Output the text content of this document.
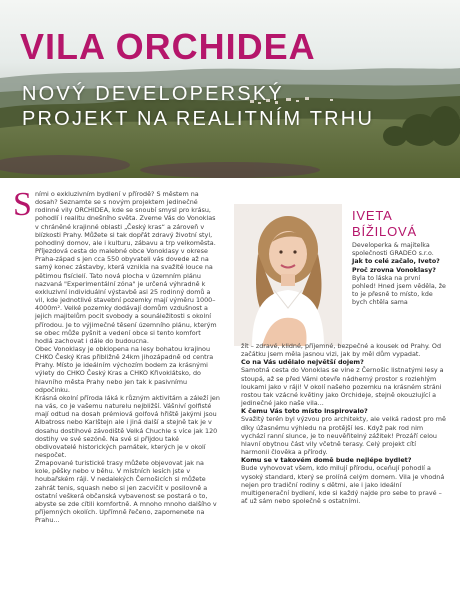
VILA ORCHIDEA
NOVÝ DEVELOPERSKÝ
PROJEKT NA REALITNÍM TRHU
S ními o exkluzivním bydlení v přírodě? S městem na dosah? Seznamte se s novým projektem jedinečné rodinné vily ORCHIDEA, kde se snoubí smysl pro krásu, pohodlí i realitu dnešního světa. Zveme Vás do Vonoklas v chráněné krajinné oblasti „Český kras“ a zároveň v blízkosti Prahy. Můžete si tak dopřát zdravý životní styl, pohodlný domov, ale i kulturu, zábavu a trp velkoměsta.

Příjezdová cesta do malebné obce Vonoklasy v okrese Praha-západ s jen cca 550 obyvateli vás dovede až na samý konec zástavby, která vznikla na svažité louce na pětimou fisíclelí. Tato nová plocha v územním plánu nazvaná "Experimentální zóna" je určená výhradně k exkluzivní individuální výstavbě asi 25 rodinný domů a vil, kde jednotlivé stavební pozemky mají výměru 1000–4000m². Velké pozemky dodávají domům vzdušnost a jejich majitelům pocit svobody a sounáležitosti s okolní přírodou. Je to výjimečné těsení územního plánu, kterým se obec může pyšnit a vedení obce si tento komfort hodlá zachovat i dále do budoucna.

Obec Vonoklasy je obklopena na lesy bohatou krajinou CHKO Český Kras přibližně 24km jihozápadně od centra Prahy. Místo je ideálním výchozím bodem za krásnými výlety do CHKO Český Kras a CHKO Křivoklátsko, do hlavního města Prahy nebo jen tak k pasivnímu odpočinku.

Krásná okolní příroda láká k různým aktivitám a záleží jen na vás, co je vašemu naturelu nejbližší. Vášniví golfisté mají odtud na dosah prémiová golfová hřiště jakými jsou Albatross nebo Karlštejn ale i jiná další a stejně tak je v dosahu dostihové závodiště Velká Chuchle s více jak 120 dostihy ve své sezóně. Na své si přijdou také obdivovatelé historických památek, kterých je v okolí nespočet.

Zmapované turistické trasy můžete objevovat jak na kole, pěšky nebo v běhu. V místních lesích jste v houbařském ráji. V nedalekých Černošicích si můžete zahrát tenis, squash nebo si jen zacvičit v posilovně a ostatní veškerá občanská vybavenost se postará o to, abyste se zde cítili komfortně. A mnoho mnoho dalšího v příjemných okolích. Upřímně řečeno, zapomenete na Prahu...

IVETA
BÍŽILOVÁ
Developerka & majitelka společnosti GRADEO s.r.o.
Jak to celé začalo, Iveto? Proč zrovna Vonoklasy?
Byla to láska na první pohled! Hned jsem věděla, že to je přesně to místo, kde bych chtěla sama

žít – zdravé, klidné, příjemné, bezpečné a kousek od Prahy. Od začátku jsem měla jasnou vizi, jak by měl dům vypadat.

Co na Vás udělalo největší dojem?

Samotná cesta do Vonoklas se vine z Černošic listnatými lesy a stoupá, až se před Vámi otevře nádherný prostor s rozlehlým loukami jako v ráji! V okolí našeho pozemku na krásném stráni rostou tak vzácné květiny jako Orchideje, stejně okouzlující a jedinečné jako naše vila...

K čemu Vás toto místo inspirovalo?

Svažitý terén byl výzvou pro architekty, ale velká radost pro mě díky úžasnému výhledu na protější les. Když pak rod nim vychází ranní slunce, je to neuvěřitelný zážitek! Prozáří celou hlavní obytnou část vily včetně terasy. Celý projekt cítí harmonii člověka a přírody.

Komu se v takovém domě bude nejlépe bydlet?

Bude vyhovovat všem, kdo milují přírodu, oceňují pohodlí a vysoký standard, který se prolíná celým domem. Vila je vhodná nejen pro tradiční rodiny s dětmi, ale i jako ideální multigenerační bydlení, kde si každý najde pro sebe to pravé – ať už sám nebo společně s ostatními.
